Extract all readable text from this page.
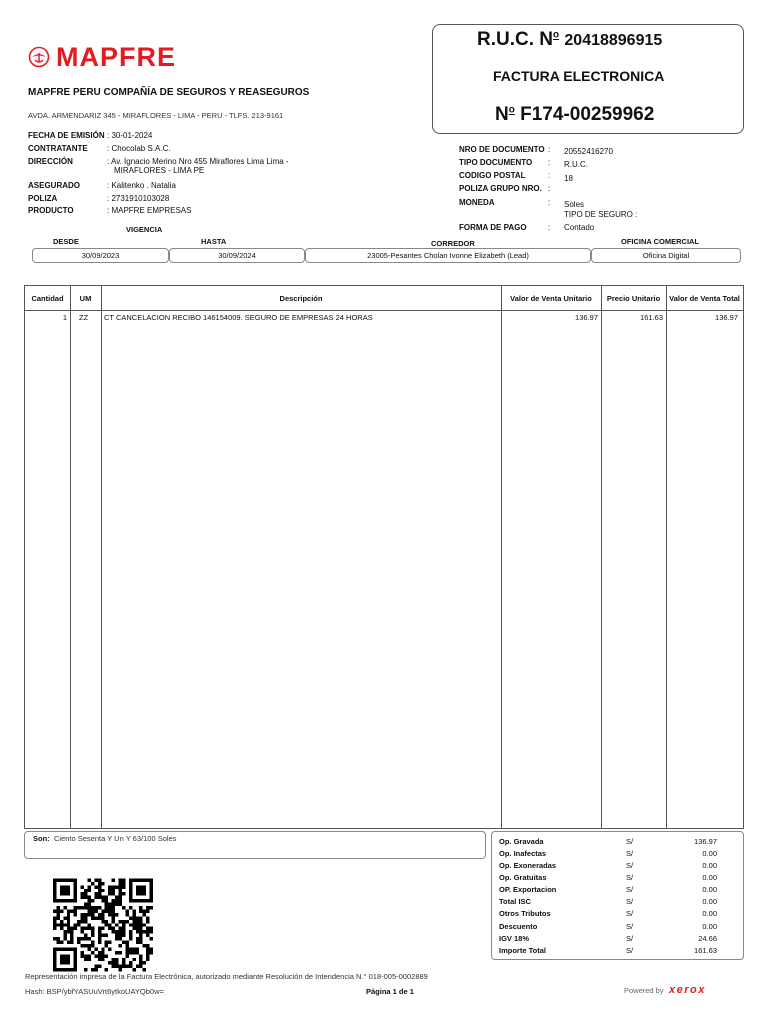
MAPFRE
MAPFRE PERU COMPAÑÍA DE SEGUROS Y REASEGUROS
AVDA. ARMENDARIZ 345 - MIRAFLORES - LIMA - PERU - TLFS. 213-9161
R.U.C. $N^o$ 20418896915
FACTURA ELECTRONICA
$N^o$ F174-00259962
FECHA DE EMISIÓN : 30-01-2024
CONTRATANTE : Chocolab S.A.C.
DIRECCIÓN	: Av. Ignacio Merino Nro 455 Miraflores Lima Lima -
MIRAFLORES - LIMA PE
ASEGURADO	: Kalitenko . Natalia
POLIZA	: 2731910103028
PRODUCTO	: MAPFRE EMPRESAS
NRO DE DOCUMENTO : 20552416270
TIPO DOCUMENTO : R.U.C.
CODIGO POSTAL	: 18
POLIZA GRUPO NRO. :
MONEDA	: Soles
TIPO DE SEGURO :
FORMA DE PAGO	: Contado
VIGENCIA
DESDE	HASTA	CORREDOR	OFICINA COMERCIAL
30/09/2023	30/09/2024	23005-Pesantes Cholan Ivonne Elizabeth (Lead)	Oficina Digital
Cantidad	UM	Descripción	Valor de Venta Unitario	Precio Unitario	Valor de Venta Total
1 ZZ CT CANCELACION RECIBO 146154009. SEGURO DE EMPRESAS 24 HORAS	136.97	161.63	136.97
Son: Ciento Sesenta Y Un Y 63/100 Soles	Op. Gravada	S/	136.97
Op. Inafectas	S/	0.00
Op. Exoneradas	S/	0.00
Op. Gratuitas	S/	0.00
OP. Exportacion	S/	0.00
Total ISC	S/	0.00
Otros Tributos	S/	0.00
Descuento	S/	0.00
IGV 18%	S/	24.66
Importe Total	S/	161.63
Representación impresa de la Factura Electrónica, autorizado mediante Resolución de Intendencia N.° 018-005-0002889
Hash: BSP/ybfYASUuVrt6ytkoUAYQb0w=	Página 1 de 1	Powered by xerox
